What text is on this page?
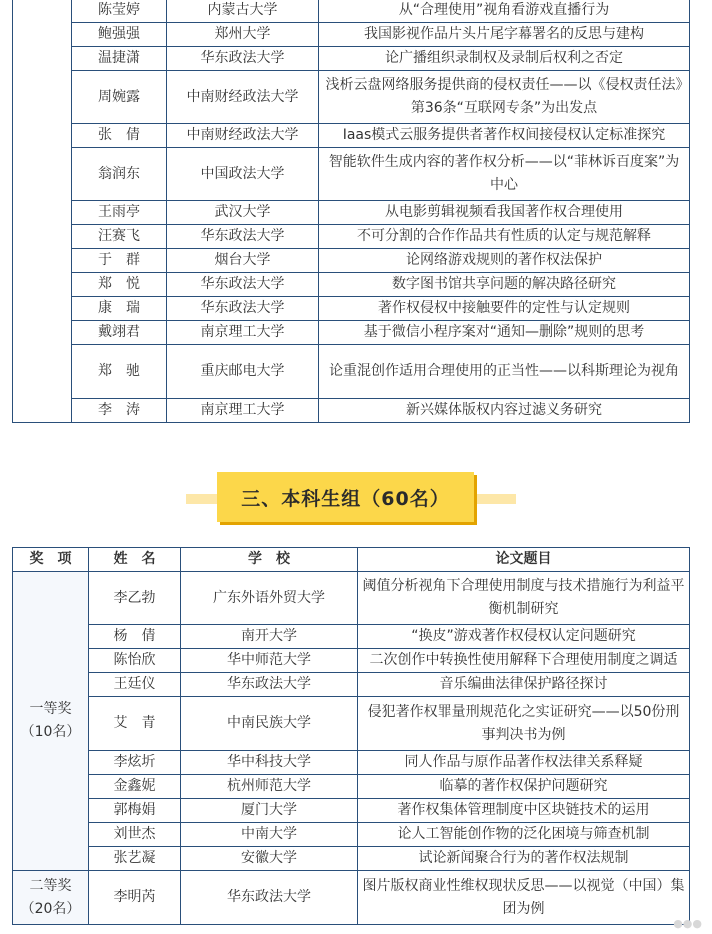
	陈莹婷	内蒙古大学	从“合理使用”视角看游戏直播行为
	鲍强强	郑州大学	我国影视作品片头片尾字幕署名的反思与建构
	温捷潇	华东政法大学	论广播组织录制权及录制后权利之否定
	周婉露	中南财经政法大学	浅析云盘网络服务提供商的侵权责任——以《侵权责任法》第36条“互联网专条”为出发点
	张　倩	中南财经政法大学	Iaas模式云服务提供者著作权间接侵权认定标准探究
	翁润东	中国政法大学	智能软件生成内容的著作权分析——以“菲林诉百度案”为中心
	王雨亭	武汉大学	从电影剪辑视频看我国著作权合理使用
	汪赛飞	华东政法大学	不可分割的合作作品共有性质的认定与规范解释
	于　群	烟台大学	论网络游戏规则的著作权法保护
	郑　悦	华东政法大学	数字图书馆共享问题的解决路径研究
	康　瑞	华东政法大学	著作权侵权中接触要件的定性与认定规则
	戴翊君	南京理工大学	基于微信小程序案对“通知—删除”规则的思考
	郑　驰	重庆邮电大学	论重混创作适用合理使用的正当性——以科斯理论为视角
	李　涛	南京理工大学	新兴媒体版权内容过滤义务研究
三、本科生组（60名）
奖　项	姓　名	学　校	论文题目

一等奖
（10名）	李乙勃	广东外语外贸大学	阈值分析视角下合理使用制度与技术措施行为利益平衡机制研究
	杨　倩	南开大学	“换皮”游戏著作权侵权认定问题研究
	陈怡欣	华中师范大学	二次创作中转换性使用解释下合理使用制度之调适
	王廷仪	华东政法大学	音乐编曲法律保护路径探讨
	艾　青	中南民族大学	侵犯著作权罪量刑规范化之实证研究——以50份刑事判决书为例
	李炫圻	华中科技大学	同人作品与原作品著作权法律关系释疑
	金鑫妮	杭州师范大学	临摹的著作权保护问题研究
	郭梅娟	厦门大学	著作权集体管理制度中区块链技术的运用
	刘世杰	中南大学	论人工智能创作物的泛化困境与筛查机制
	张艺凝	安徽大学	试论新闻聚合行为的著作权法规制

二等奖
（20名）	李明芮	华东政法大学	图片版权商业性维权现状反思——以视觉（中国）集团为例
●●●
